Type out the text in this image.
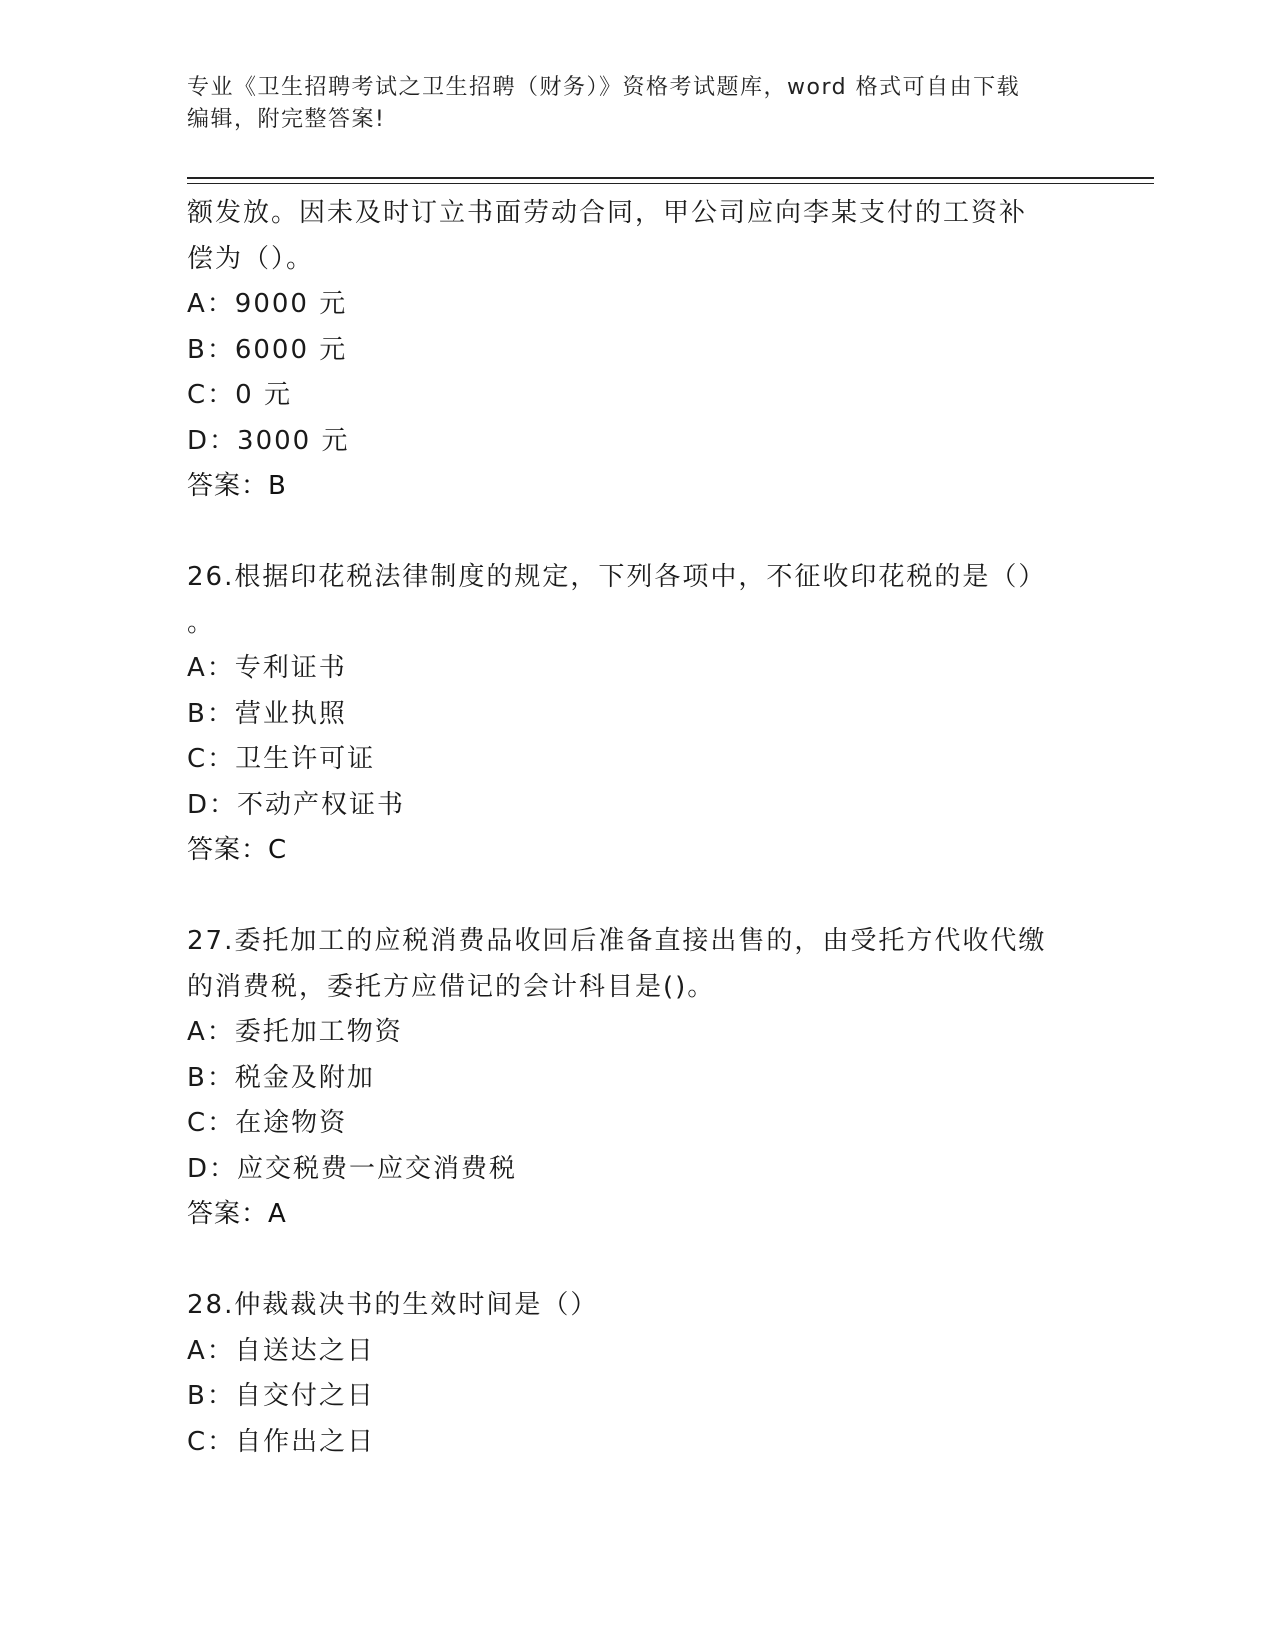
专业《卫生招聘考试之卫生招聘（财务）》资格考试题库，word 格式可自由下载
编辑，附完整答案!
额发放。因未及时订立书面劳动合同，甲公司应向李某支付的工资补
偿为（）。
A：9000 元
B：6000 元
C：0 元
D：3000 元
答案：B
26.根据印花税法律制度的规定，下列各项中，不征收印花税的是（）
。
A：专利证书
B：营业执照
C：卫生许可证
D：不动产权证书
答案：C
27.委托加工的应税消费品收回后准备直接出售的，由受托方代收代缴
的消费税，委托方应借记的会计科目是()。
A：委托加工物资
B：税金及附加
C：在途物资
D：应交税费一应交消费税
答案：A
28.仲裁裁决书的生效时间是（）
A：自送达之日
B：自交付之日
C：自作出之日
